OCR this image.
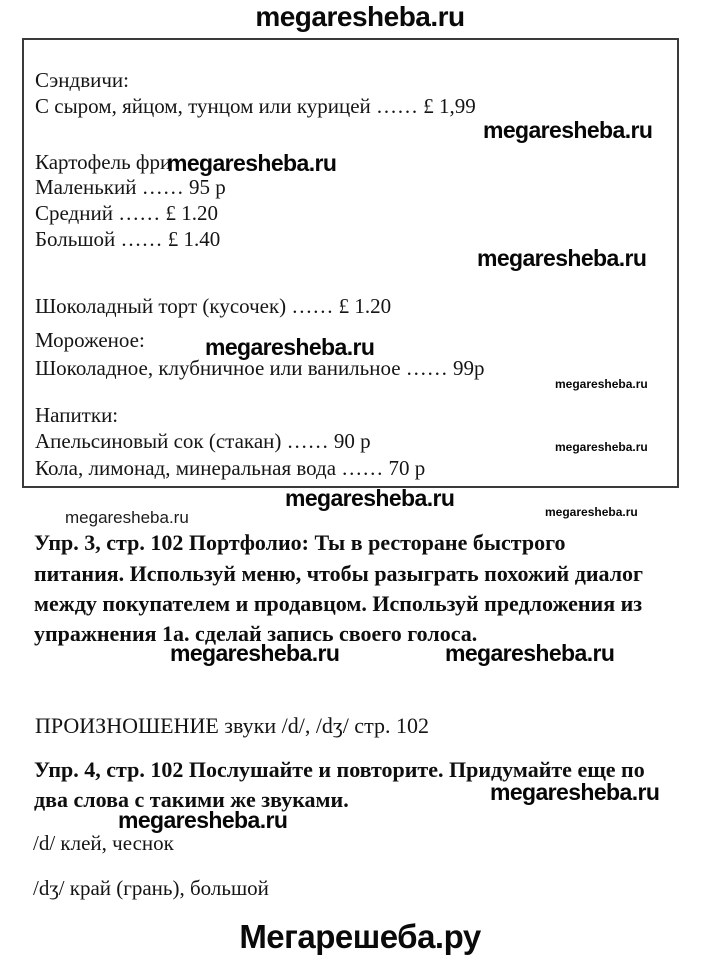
megaresheba.ru
Сэндвичи:
С сыром, яйцом, тунцом или курицей …… £ 1,99
Картофель фри
Маленький …… 95 р
Средний …… £ 1.20
Большой …… £ 1.40
Шоколадный торт (кусочек) …… £ 1.20
Мороженое:
Шоколадное, клубничное или ванильное …… 99р
Напитки:
Апельсиновый сок (стакан) …… 90 р
Кола, лимонад, минеральная вода …… 70 р
megaresheba.ru
megaresheba.ru
megaresheba.ru
megaresheba.ru
megaresheba.ru
megaresheba.ru
megaresheba.ru
megaresheba.ru
megaresheba.ru
Упр. 3, стр. 102 Портфолио: Ты в ресторане быстрого
питания. Используй меню, чтобы разыграть похожий диалог
между покупателем и продавцом. Используй предложения из
упражнения 1а. сделай запись своего голоса.
megaresheba.ru	megaresheba.ru
ПРОИЗНОШЕНИЕ звуки /d/, /dʒ/ стр. 102
Упр. 4, стр. 102 Послушайте и повторите. Придумайте еще по
два слова с такими же звуками.	megaresheba.ru
megaresheba.ru
/d/ клей, чеснок
/dʒ/ край (грань), большой
Мегарешеба.ру
